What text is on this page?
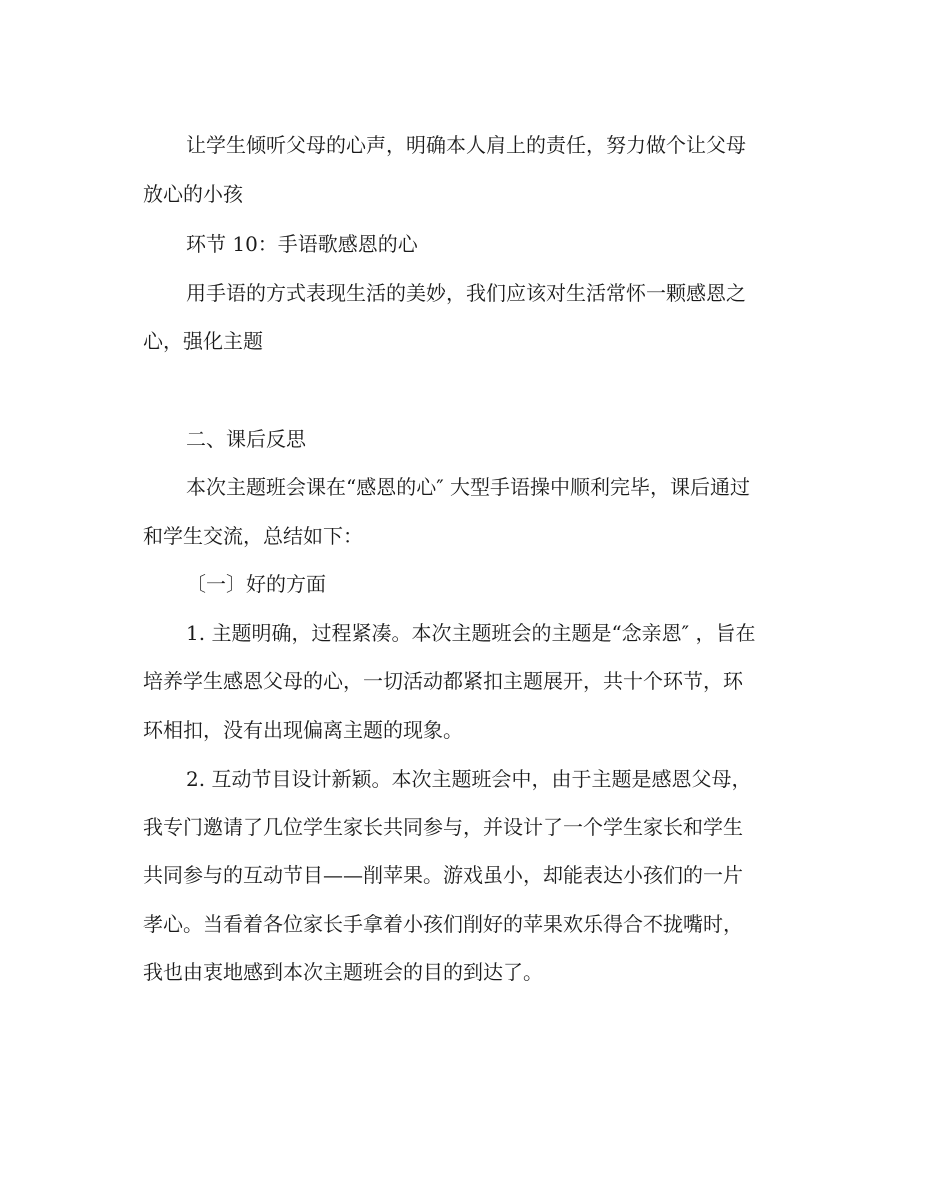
让学生倾听父母的心声，明确本人肩上的责任，努力做个让父母
放心的小孩
环节 10：手语歌感恩的心
用手语的方式表现生活的美妙，我们应该对生活常怀一颗感恩之
心，强化主题
二、课后反思
本次主题班会课在“感恩的心″ 大型手语操中顺利完毕，课后通过
和学生交流，总结如下：
〔一〕好的方面
1. 主题明确，过程紧凑。本次主题班会的主题是“念亲恩″ ，旨在
培养学生感恩父母的心，一切活动都紧扣主题展开，共十个环节，环
环相扣，没有出现偏离主题的现象。
2. 互动节目设计新颖。本次主题班会中，由于主题是感恩父母，
我专门邀请了几位学生家长共同参与，并设计了一个学生家长和学生
共同参与的互动节目——削苹果。游戏虽小，却能表达小孩们的一片
孝心。当看着各位家长手拿着小孩们削好的苹果欢乐得合不拢嘴时，
我也由衷地感到本次主题班会的目的到达了。
